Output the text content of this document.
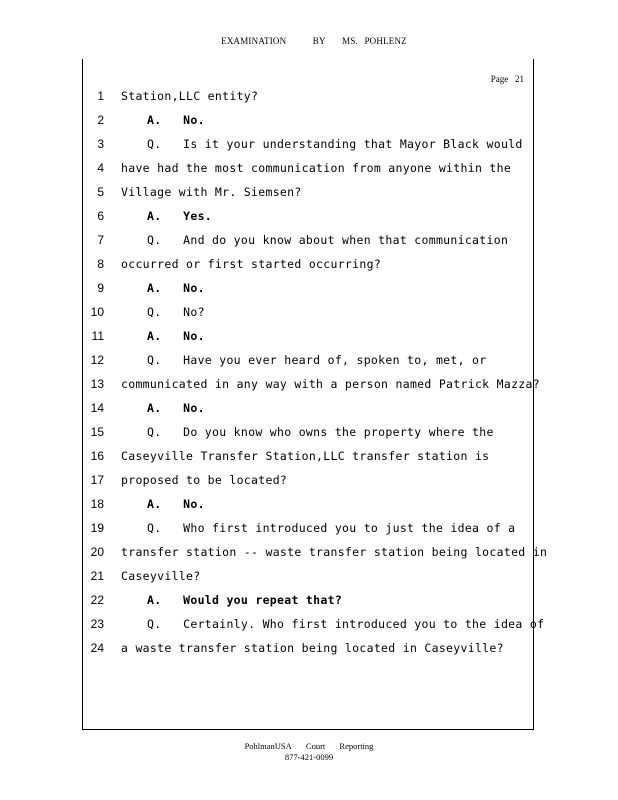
EXAMINATION	BY MS. POHLENZ
Page 21
1 Station,LLC entity?
2	A.   No.
3	Q.   Is it your understanding that Mayor Black would
4 have had the most communication from anyone within the
5 Village with Mr. Siemsen?
6	A.   Yes.
7	Q.   And do you know about when that communication
8 occurred or first started occurring?
9	A.   No.
10	Q.   No?
11	A.   No.
12	Q.   Have you ever heard of, spoken to, met, or
13 communicated in any way with a person named Patrick Mazza?
14	A.   No.
15	Q.   Do you know who owns the property where the
16 Caseyville Transfer Station,LLC transfer station is
17 proposed to be located?
18	A.   No.
19	Q.   Who first introduced you to just the idea of a
20 transfer station -- waste transfer station being located in
21 Caseyville?
22	A.   Would you repeat that?
23	Q.   Certainly. Who first introduced you to the idea of
24 a waste transfer station being located in Caseyville?
PohlmanUSA Court Reporting
877-421-0099
